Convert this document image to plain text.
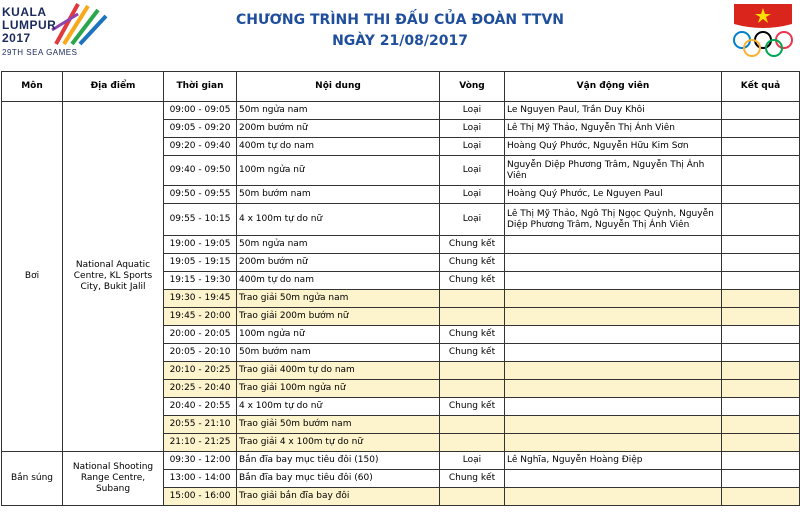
KUALA
LUMPUR
2017
29TH SEA GAMES
CHƯƠNG TRÌNH THI ĐẤU CỦA ĐOÀN TTVN
NGÀY 21/08/2017
Môn	Địa điểm	Thời gian	Nội dung	Vòng	Vận động viên	Kết quả
Bơi	National Aquatic Centre, KL Sports City, Bukit Jalil	09:00 - 09:05	50m ngửa nam	Loại	Le Nguyen Paul, Trần Duy Khôi	
		09:05 - 09:20	200m bướm nữ	Loại	Lê Thị Mỹ Thảo, Nguyễn Thị Ánh Viên	
		09:20 - 09:40	400m tự do nam	Loại	Hoàng Quý Phước, Nguyễn Hữu Kim Sơn	
		09:40 - 09:50	100m ngửa nữ	Loại	Nguyễn Diệp Phương Trâm, Nguyễn Thị Ánh Viên	
		09:50 - 09:55	50m bướm nam	Loại	Hoàng Quý Phước, Le Nguyen Paul	
		09:55 - 10:15	4 x 100m tự do nữ	Loại	Lê Thị Mỹ Thảo, Ngô Thị Ngọc Quỳnh, Nguyễn Diệp Phương Trâm, Nguyễn Thị Ánh Viên	
		19:00 - 19:05	50m ngửa nam	Chung kết		
		19:05 - 19:15	200m bướm nữ	Chung kết		
		19:15 - 19:30	400m tự do nam	Chung kết		
		19:30 - 19:45	Trao giải 50m ngửa nam			
		19:45 - 20:00	Trao giải 200m bướm nữ			
		20:00 - 20:05	100m ngửa nữ	Chung kết		
		20:05 - 20:10	50m bướm nam	Chung kết		
		20:10 - 20:25	Trao giải 400m tự do nam			
		20:25 - 20:40	Trao giải 100m ngửa nữ			
		20:40 - 20:55	4 x 100m tự do nữ	Chung kết		
		20:55 - 21:10	Trao giải 50m bướm nam			
		21:10 - 21:25	Trao giải 4 x 100m tự do nữ			
Bắn súng	National Shooting Range Centre, Subang	09:30 - 12:00	Bắn đĩa bay mục tiêu đôi (150)	Loại	Lê Nghĩa, Nguyễn Hoàng Điệp	
		13:00 - 14:00	Bắn đĩa bay mục tiêu đôi (60)	Chung kết		
		15:00 - 16:00	Trao giải bắn đĩa bay đôi			
